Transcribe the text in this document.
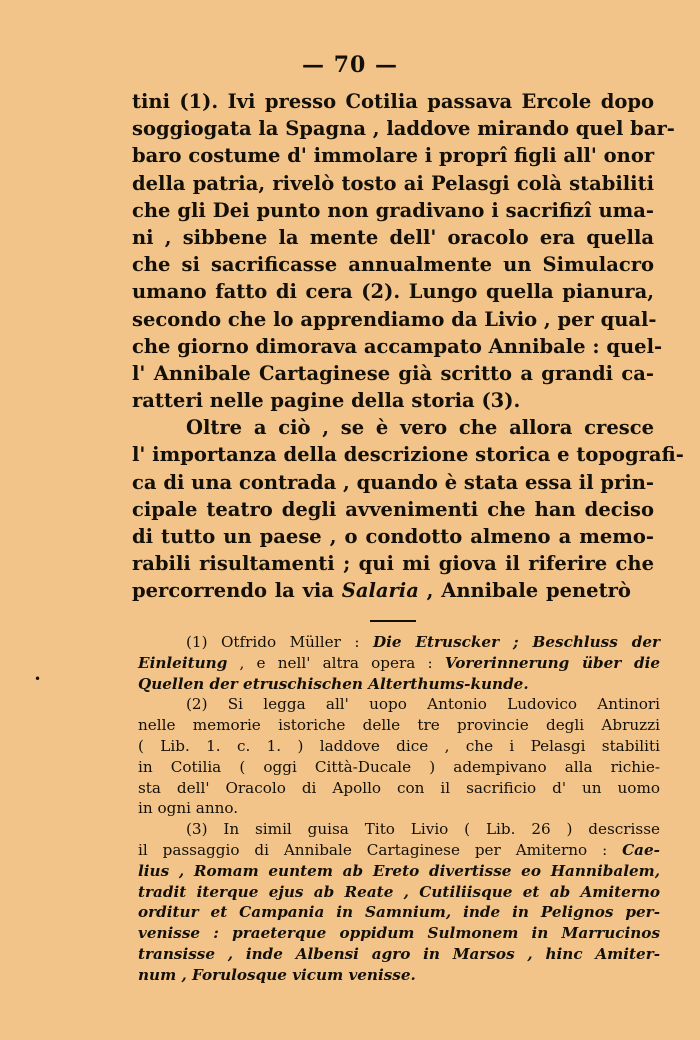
— 70 —
tini (1). Ivi presso Cotilia passava Ercole dopo
soggiogata la Spagna , laddove mirando quel bar-
baro costume d' immolare i proprî figli all' onor
della patria, rivelò tosto ai Pelasgi colà stabiliti
che gli Dei punto non gradivano i sacrifizî uma-
ni , sibbene la mente dell' oracolo era quella
che si sacrificasse annualmente un Simulacro
umano fatto di cera (2). Lungo quella pianura,
secondo che lo apprendiamo da Livio , per qual-
che giorno dimorava accampato Annibale : quel-
l' Annibale Cartaginese già scritto a grandi ca-
ratteri nelle pagine della storia (3).
Oltre a ciò , se è vero che allora cresce
l' importanza della descrizione storica e topografi-
ca di una contrada , quando è stata essa il prin-
cipale teatro degli avvenimenti che han deciso
di tutto un paese , o condotto almeno a memo-
rabili risultamenti ; qui mi giova il riferire che
percorrendo la via Salaria , Annibale penetrò
(1) Otfrido Müller : Die Etruscker ; Beschluss der
Einleitung , e nell' altra opera : Vorerinnerung über die
Quellen der etruschischen Alterthums-kunde.
(2) Si legga all' uopo Antonio Ludovico Antinori
nelle memorie istoriche delle tre provincie degli Abruzzi
( Lib. 1. c. 1. ) laddove dice , che i Pelasgi stabiliti
in Cotilia ( oggi Città-Ducale ) adempivano alla richie-
sta dell' Oracolo di Apollo con il sacrificio d' un uomo
in ogni anno.
(3) In simil guisa Tito Livio ( Lib. 26 ) descrisse
il passaggio di Annibale Cartaginese per Amiterno : Cae-
lius , Romam euntem ab Ereto divertisse eo Hannibalem,
tradit iterque ejus ab Reate , Cutiliisque et ab Amiterno
orditur et Campania in Samnium, inde in Pelignos per-
venisse : praeterque oppidum Sulmonem in Marrucinos
transisse , inde Albensi agro in Marsos , hinc Amiter-
num , Forulosque vicum venisse.
•
